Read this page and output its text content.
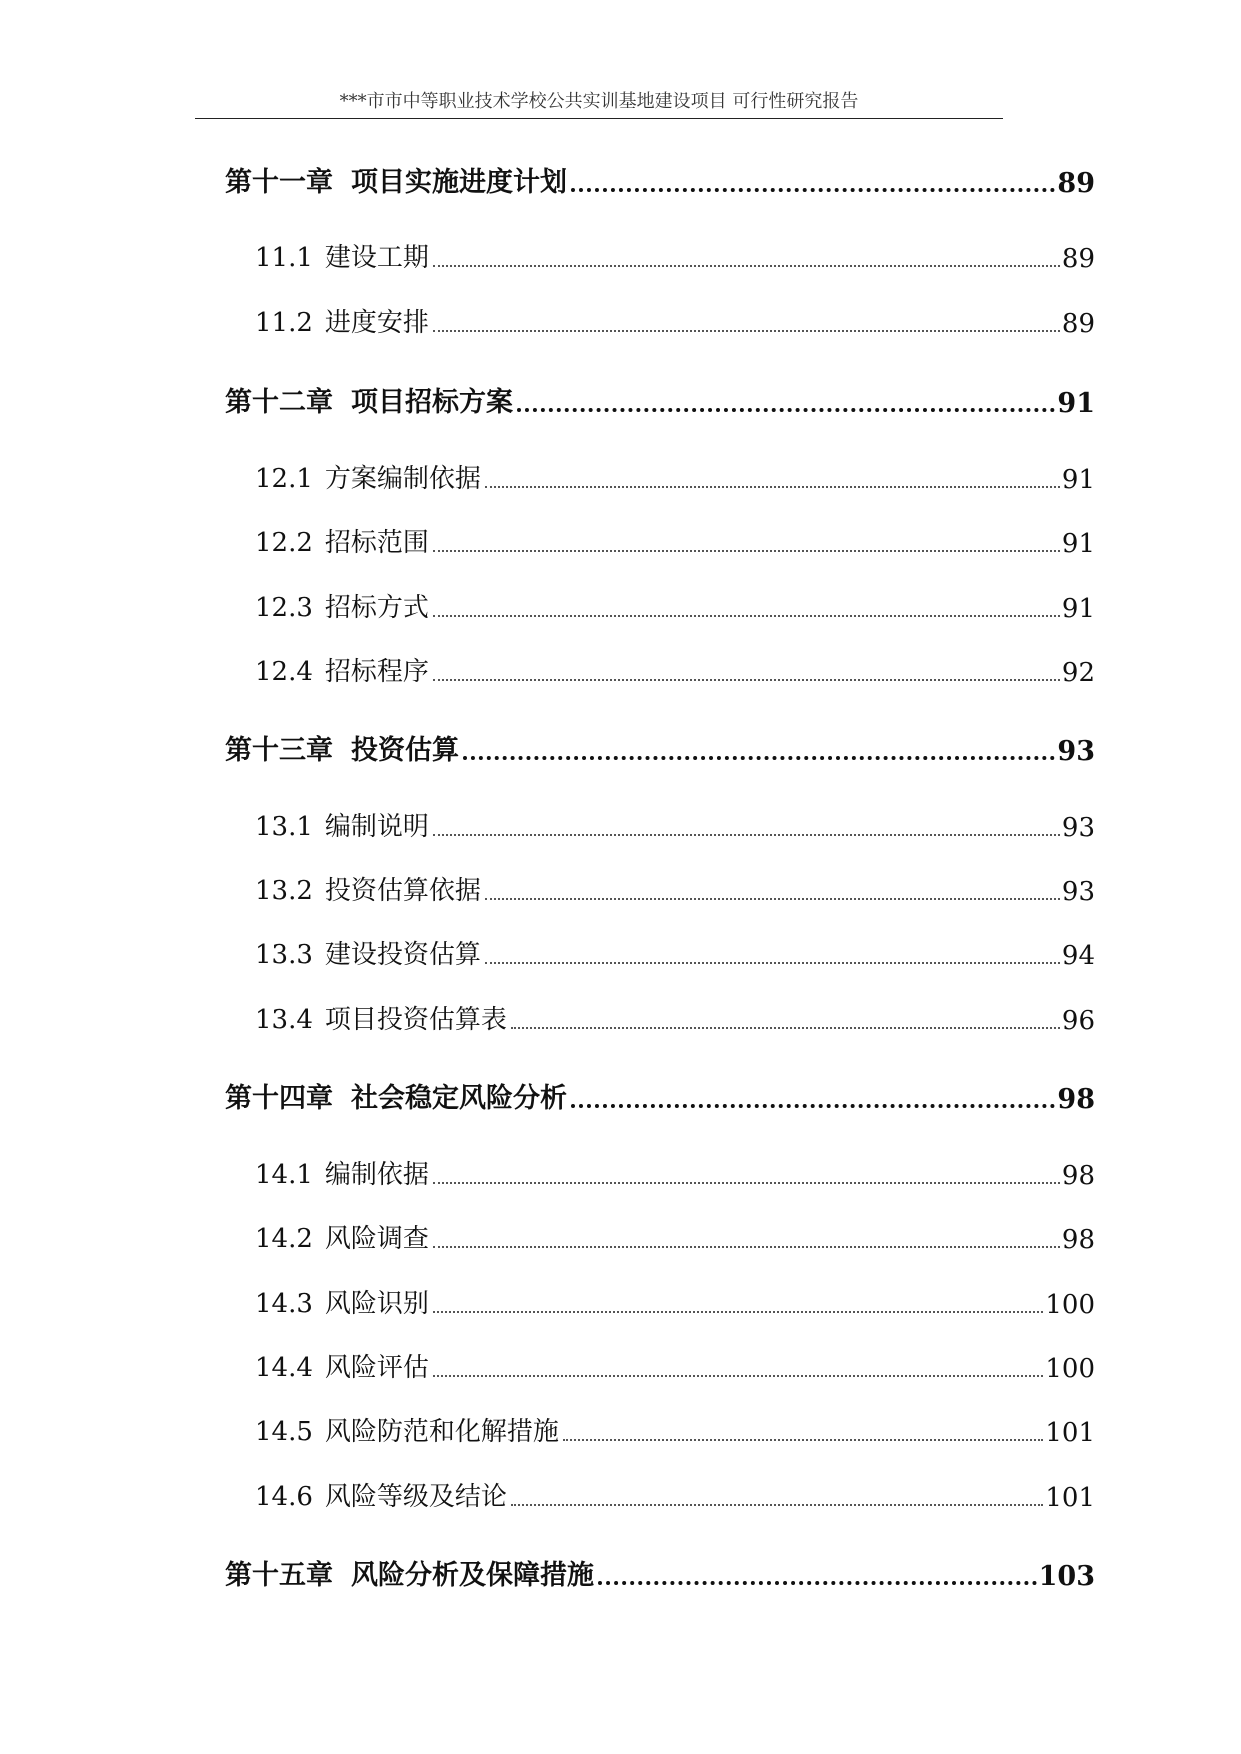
***市市中等职业技术学校公共实训基地建设项目 可行性研究报告
第十一章 项目实施进度计划	89
11.1 建设工期	89
11.2 进度安排	89
第十二章 项目招标方案	91
12.1 方案编制依据	91
12.2 招标范围	91
12.3 招标方式	91
12.4 招标程序	92
第十三章 投资估算	93
13.1 编制说明	93
13.2 投资估算依据	93
13.3 建设投资估算	94
13.4 项目投资估算表	96
第十四章 社会稳定风险分析	98
14.1 编制依据	98
14.2 风险调查	98
14.3 风险识别	100
14.4 风险评估	100
14.5 风险防范和化解措施	101
14.6 风险等级及结论	101
第十五章 风险分析及保障措施	103
